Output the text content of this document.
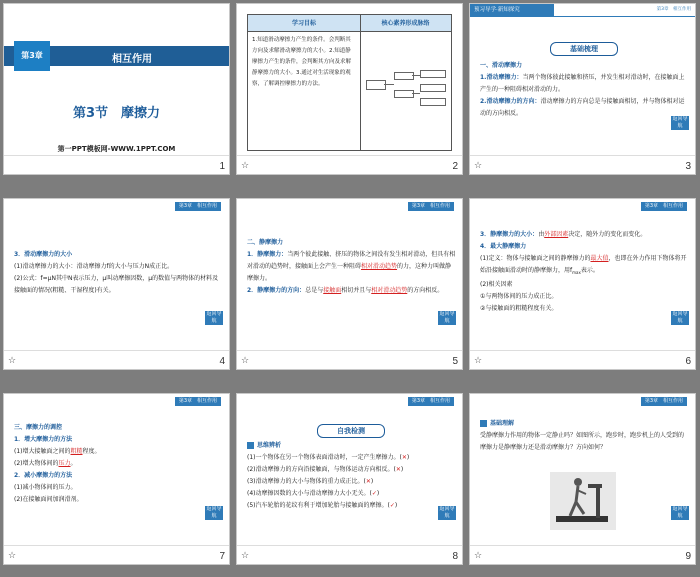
第3章	相互作用
第3节　摩擦力
第一PPT模板网-WWW.1PPT.COM
1
学习目标	核心素养形成脉络
1.知道滑动摩擦力产生的条件。会判断其方向及求解滑动摩擦力的大小。2.知道静摩擦力产生的条件，会判断其方向及求解静摩擦力的大小。3.通过对生活现象的观察，了解调控摩擦力的方法。
☆	2
预习导学·新知探究	第3章　相互作用
基础梳理
一、滑动摩擦力
1.滑动摩擦力：当两个物体彼此接触和挤压，并发生相对滑动时，在接触面上产生的一种阻碍相对滑动的力。
2.滑动摩擦力的方向：滑动摩擦力的方向总是与接触面相切，并与物体相对运动的方向相反。
返回导航
☆	3
第3章　相互作用
3．滑动摩擦力的大小
(1)滑动摩擦力的大小：滑动摩擦力f的大小与压力N成正比。
(2)公式：f=μN其中N表示压力，μ叫动摩擦因数，μ的数值与两物体的材料及接触面的情况(粗糙、干湿程度)有关。
返回导航
☆	4
第3章　相互作用
二、静摩擦力
1．静摩擦力：当两个彼此接触、挤压的物体之间没有发生相对滑动，但具有相对滑动的趋势时，接触面上会产生一种阻碍相对滑动趋势的力，这种力叫做静摩擦力。
2．静摩擦力的方向：总是与接触面相切并且与相对滑动趋势的方向相反。
返回导航
☆	5
第3章　相互作用
3．静摩擦力的大小：由外部因素决定，随外力的变化而变化。
4．最大静摩擦力
(1)定义：物体与接触面之间的静摩擦力的最大值，也即在外力作用下物体将开始沿接触面滑动时的静摩擦力，用$f_{max}$表示。
(2)相关因素
①与两物体间的压力成正比。
②与接触面的粗糙程度有关。
返回导航
☆	6
第3章　相互作用
三、摩擦力的调控
1．增大摩擦力的方法
(1)增大接触面之间的粗糙程度。
(2)增大物体间的压力。
2．减小摩擦力的方法
(1)减小物体间的压力。
(2)在接触面间加润滑剂。
返回导航
☆	7
第3章　相互作用
自我检测
思维辨析
(1)一个物体在另一个物体表面滑动时，一定产生摩擦力。(✕)
(2)滑动摩擦力的方向沿接触面，与物体运动方向相反。(✕)
(3)滑动摩擦力的大小与物体的重力成正比。(✕)
(4)动摩擦因数的大小与滑动摩擦力大小无关。(✓)
(5)汽车轮胎的花纹有利于增加轮胎与接触面的摩擦。(✓)	返回导航
☆	8
第3章　相互作用
基础理解
受静摩擦力作用的物体一定静止吗？如图所示，跑步时，跑步机上的人受到的摩擦力是静摩擦力还是滑动摩擦力？方向如何？
返回导航
☆	9
